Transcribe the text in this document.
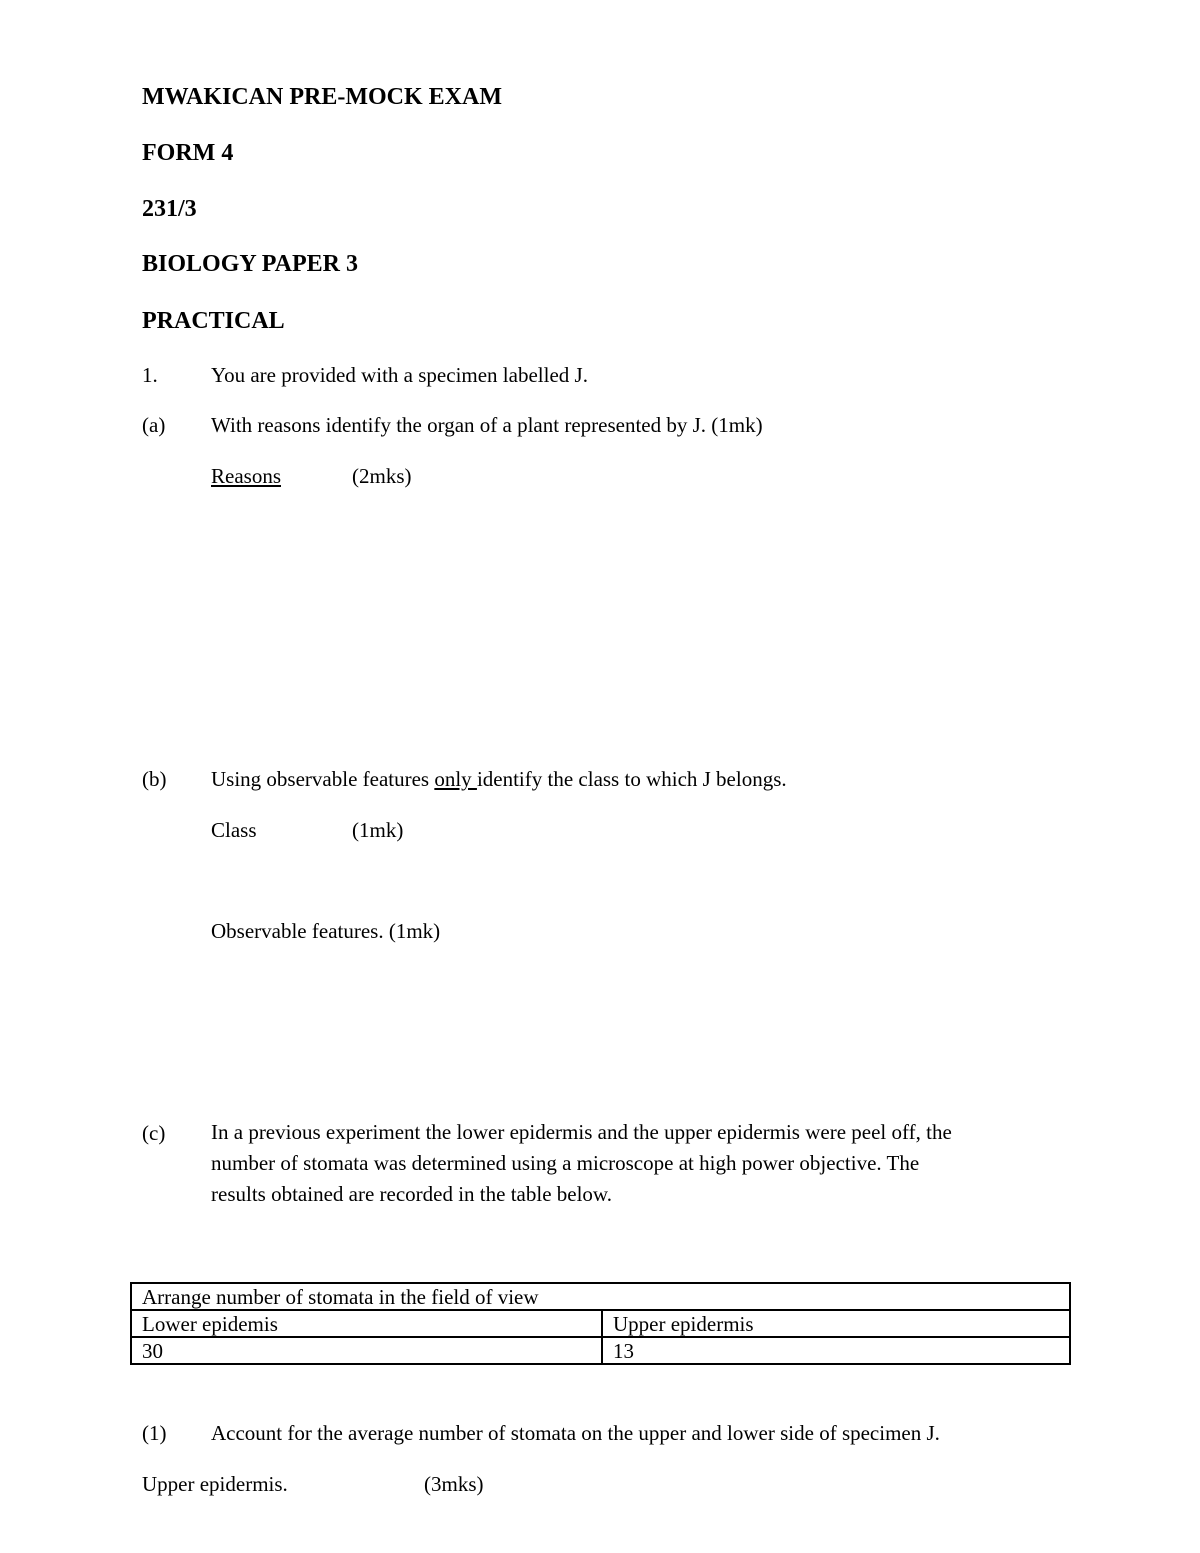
MWAKICAN PRE-MOCK EXAM
FORM 4
231/3
BIOLOGY PAPER 3
PRACTICAL
1.	You are provided with a specimen labelled J.
(a) With reasons identify the organ of a plant represented by J. (1mk)
Reasons	(2mks)
(b) Using observable features only identify the class to which J belongs.
Class	(1mk)
Observable features. (1mk)
(c) In a previous experiment the lower epidermis and the upper epidermis were peel off, the
number of stomata was determined using a microscope at high power objective. The
results obtained are recorded in the table below.
Arrange number of stomata in the field of view	
Lower epidemis	Upper epidermis
30	13
(1) Account for the average number of stomata on the upper and lower side of specimen J.
Upper epidermis.	(3mks)
